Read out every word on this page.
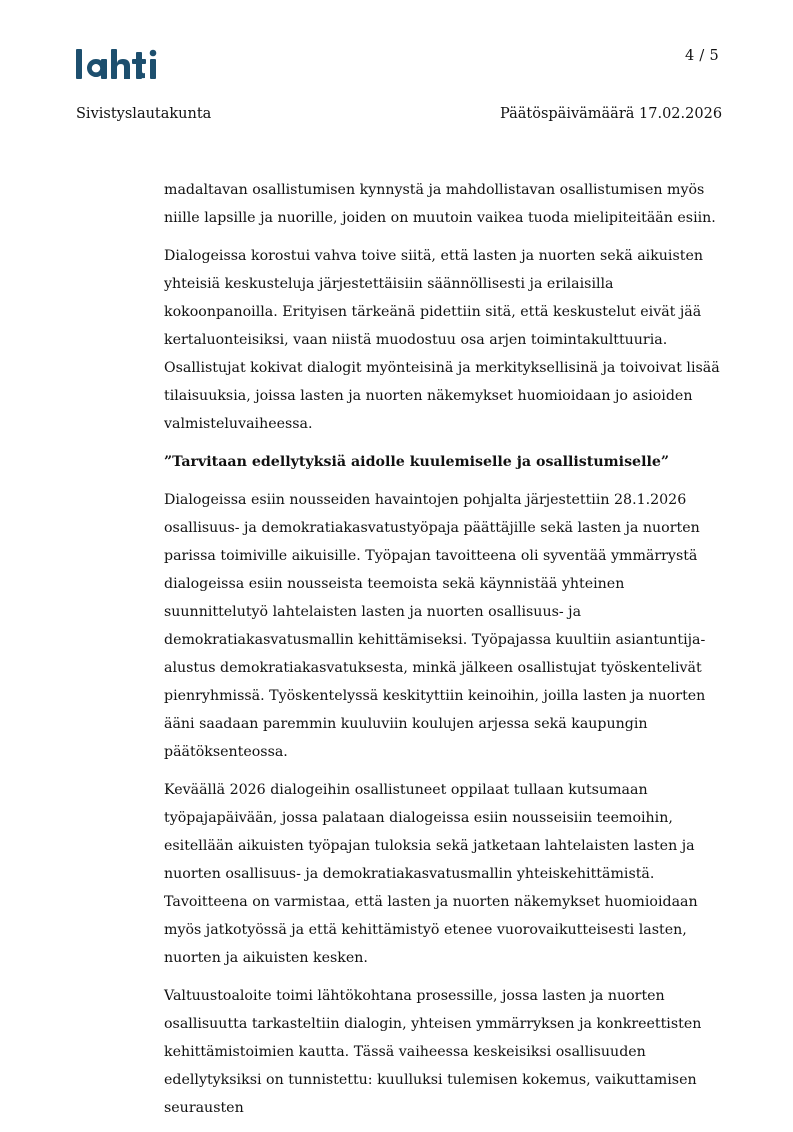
4 / 5
Sivistyslautakunta	Päätöspäivämäärä 17.02.2026

madaltavan osallistumisen kynnystä ja mahdollistavan osallistumisen myös niille lapsille ja nuorille, joiden on muutoin vaikea tuoda mielipiteitään esiin.

Dialogeissa korostui vahva toive siitä, että lasten ja nuorten sekä aikuisten yhteisiä keskusteluja järjestettäisiin säännöllisesti ja erilaisilla kokoonpanoilla. Erityisen tärkeänä pidettiin sitä, että keskustelut eivät jää kertaluonteisiksi, vaan niistä muodostuu osa arjen toimintakulttuuria. Osallistujat kokivat dialogit myönteisinä ja merkityksellisinä ja toivoivat lisää tilaisuuksia, joissa lasten ja nuorten näkemykset huomioidaan jo asioiden valmisteluvaiheessa.

”Tarvitaan edellytyksiä aidolle kuulemiselle ja osallistumiselle”

Dialogeissa esiin nousseiden havaintojen pohjalta järjestettiin 28.1.2026 osallisuus- ja demokratiakasvatustyöpaja päättäjille sekä lasten ja nuorten parissa toimiville aikuisille. Työpajan tavoitteena oli syventää ymmärrystä dialogeissa esiin nousseista teemoista sekä käynnistää yhteinen suunnittelutyö lahtelaisten lasten ja nuorten osallisuus- ja demokratiakasvatusmallin kehittämiseksi. Työpajassa kuultiin asiantuntija-alustus demokratiakasvatuksesta, minkä jälkeen osallistujat työskentelivät pienryhmissä. Työskentelyssä keskityttiin keinoihin, joilla lasten ja nuorten ääni saadaan paremmin kuuluviin koulujen arjessa sekä kaupungin päätöksenteossa.

Keväällä 2026 dialogeihin osallistuneet oppilaat tullaan kutsumaan työpajapäivään, jossa palataan dialogeissa esiin nousseisiin teemoihin, esitellään aikuisten työpajan tuloksia sekä jatketaan lahtelaisten lasten ja nuorten osallisuus- ja demokratiakasvatusmallin yhteiskehittämistä. Tavoitteena on varmistaa, että lasten ja nuorten näkemykset huomioidaan myös jatkotyössä ja että kehittämistyö etenee vuorovaikutteisesti lasten, nuorten ja aikuisten kesken.

Valtuustoaloite toimi lähtökohtana prosessille, jossa lasten ja nuorten osallisuutta tarkasteltiin dialogin, yhteisen ymmärryksen ja konkreettisten kehittämistoimien kautta. Tässä vaiheessa keskeisiksi osallisuuden edellytyksiksi on tunnistettu: kuulluksi tulemisen kokemus, vaikuttamisen seurausten
